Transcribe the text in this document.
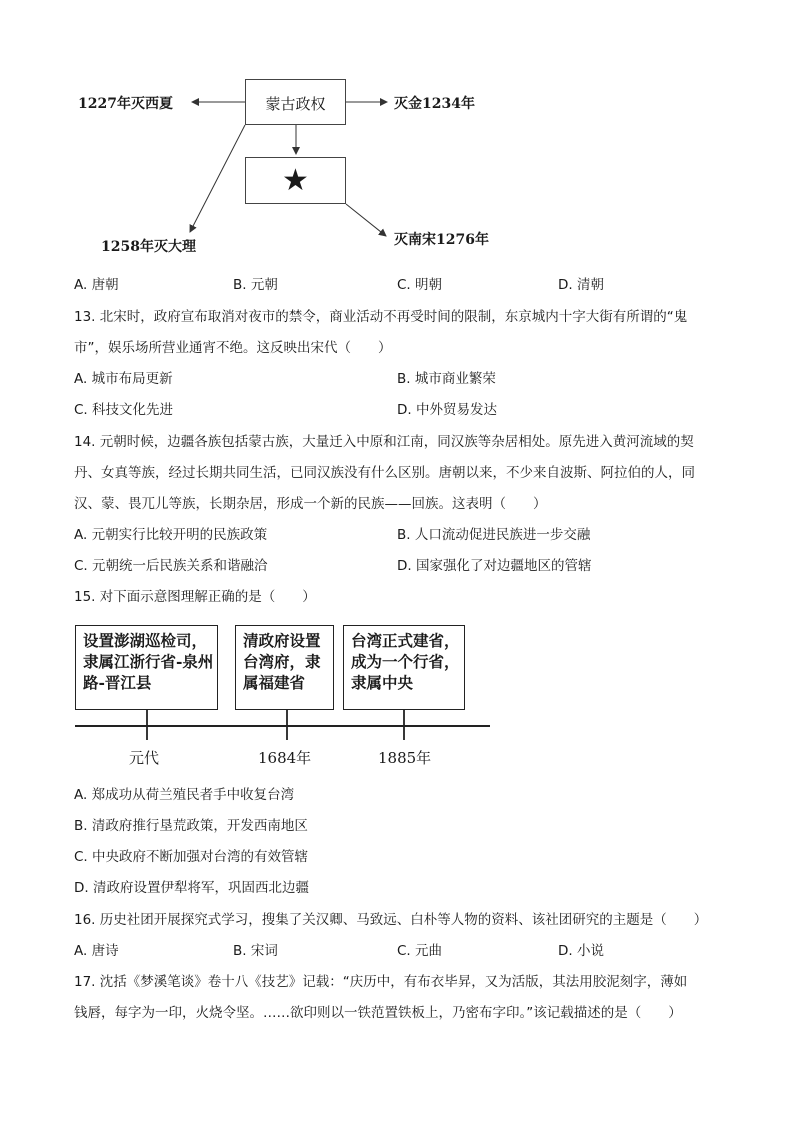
蒙古政权
★
1227年灭西夏	灭金1234年
1258年灭大理	灭南宋1276年
A. 唐朝	B. 元朝	C. 明朝	D. 清朝
13. 北宋时，政府宣布取消对夜市的禁令，商业活动不再受时间的限制，东京城内十字大街有所谓的“鬼
市”，娱乐场所营业通宵不绝。这反映出宋代（　　）
A. 城市布局更新	B. 城市商业繁荣
C. 科技文化先进	D. 中外贸易发达
14. 元朝时候，边疆各族包括蒙古族，大量迁入中原和江南，同汉族等杂居相处。原先进入黄河流域的契
丹、女真等族，经过长期共同生活，已同汉族没有什么区别。唐朝以来，不少来自波斯、阿拉伯的人，同
汉、蒙、畏兀儿等族，长期杂居，形成一个新的民族——回族。这表明（　　）
A. 元朝实行比较开明的民族政策	B. 人口流动促进民族进一步交融
C. 元朝统一后民族关系和谐融洽	D. 国家强化了对边疆地区的管辖
15. 对下面示意图理解正确的是（　　）
设置澎湖巡检司，隶属江浙行省-泉州路-晋江县
清政府设置台湾府，隶属福建省
台湾正式建省，成为一个行省，隶属中央
元代	1684年	1885年
A. 郑成功从荷兰殖民者手中收复台湾
B. 清政府推行垦荒政策，开发西南地区
C. 中央政府不断加强对台湾的有效管辖
D. 清政府设置伊犁将军，巩固西北边疆
16. 历史社团开展探究式学习，搜集了关汉卿、马致远、白朴等人物的资料、该社团研究的主题是（　　）
A. 唐诗	B. 宋词	C. 元曲	D. 小说
17. 沈括《梦溪笔谈》卷十八《技艺》记载：“庆历中，有布衣毕昇，又为活版，其法用胶泥刻字，薄如
钱唇，每字为一印，火烧令坚。……欲印则以一铁范置铁板上，乃密布字印。”该记载描述的是（　　）
